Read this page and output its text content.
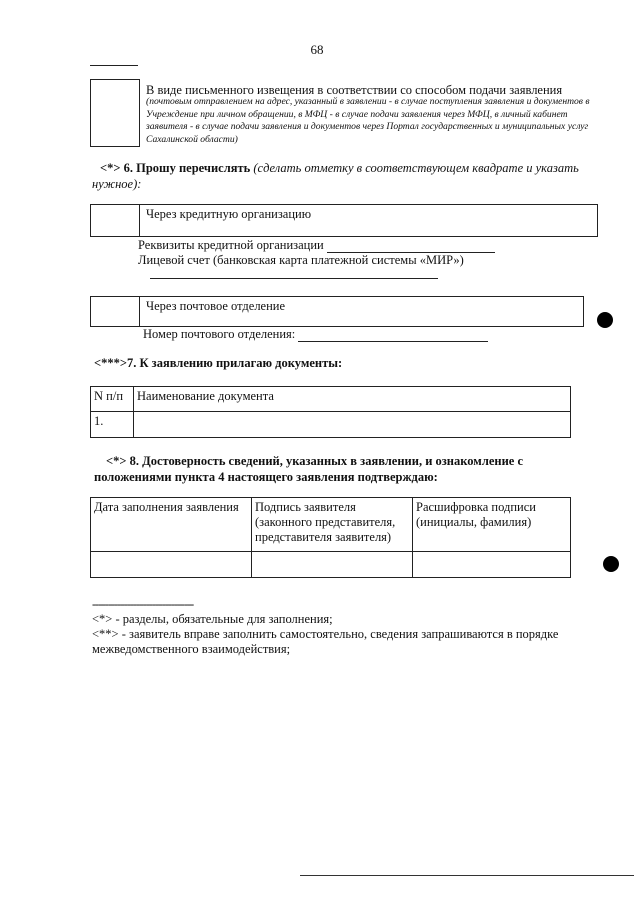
68
В виде письменного извещения в соответствии со способом подачи заявления
(почтовым отправлением на адрес, указанный в заявлении - в случае поступления заявления и документов в Учреждение при личном обращении, в МФЦ - в случае подачи заявления через МФЦ, в личный кабинет заявителя - в случае подачи заявления и документов через Портал государственных и муниципальных услуг Сахалинской области)
<*> 6. Прошу перечислять (сделать отметку в соответствующем квадрате и указать нужное):
Через кредитную организацию
Реквизиты кредитной организации
Лицевой счет (банковская карта платежной системы «МИР»)
Через почтовое отделение
Номер почтового отделения:
<***>7. К заявлению прилагаю документы:
N п/п	Наименование документа
1.	
<*> 8. Достоверность сведений, указанных в заявлении, и ознакомление с положениями пункта 4 настоящего заявления подтверждаю:
Дата заполнения заявления	Подпись заявителя (законного представителя, представителя заявителя)	Расшифровка подписи (инициалы, фамилия)

--------------------------------
<*> - разделы, обязательные для заполнения;
<**> - заявитель вправе заполнить самостоятельно, сведения запрашиваются в порядке межведомственного взаимодействия;
